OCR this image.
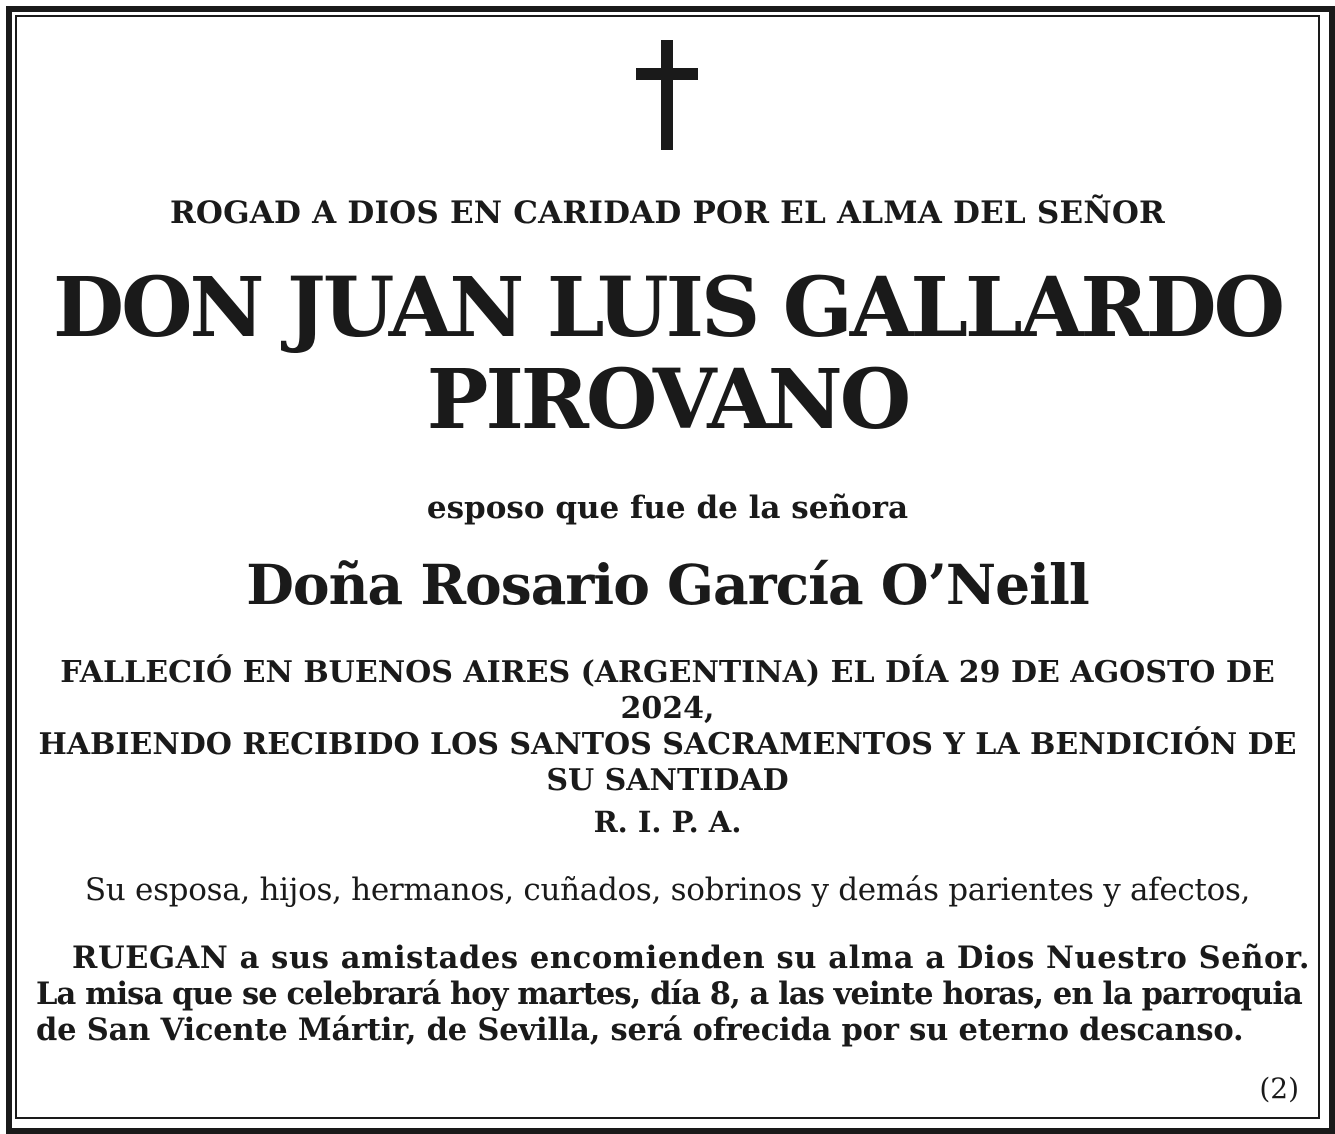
ROGAD A DIOS EN CARIDAD POR EL ALMA DEL SEÑOR

DON JUAN LUIS GALLARDO
PIROVANO

esposo que fue de la señora

Doña Rosario García O’Neill

FALLECIÓ EN BUENOS AIRES (ARGENTINA) EL DÍA 29 DE AGOSTO DE 2024,
HABIENDO RECIBIDO LOS SANTOS SACRAMENTOS Y LA BENDICIÓN DE
SU SANTIDAD

R. I. P. A.

Su esposa, hijos, hermanos, cuñados, sobrinos y demás parientes y afectos,

RUEGAN a sus amistades encomienden su alma a Dios Nuestro Señor.
La misa que se celebrará hoy martes, día 8, a las veinte horas, en la parroquia
de San Vicente Mártir, de Sevilla, será ofrecida por su eterno descanso.

(2)
